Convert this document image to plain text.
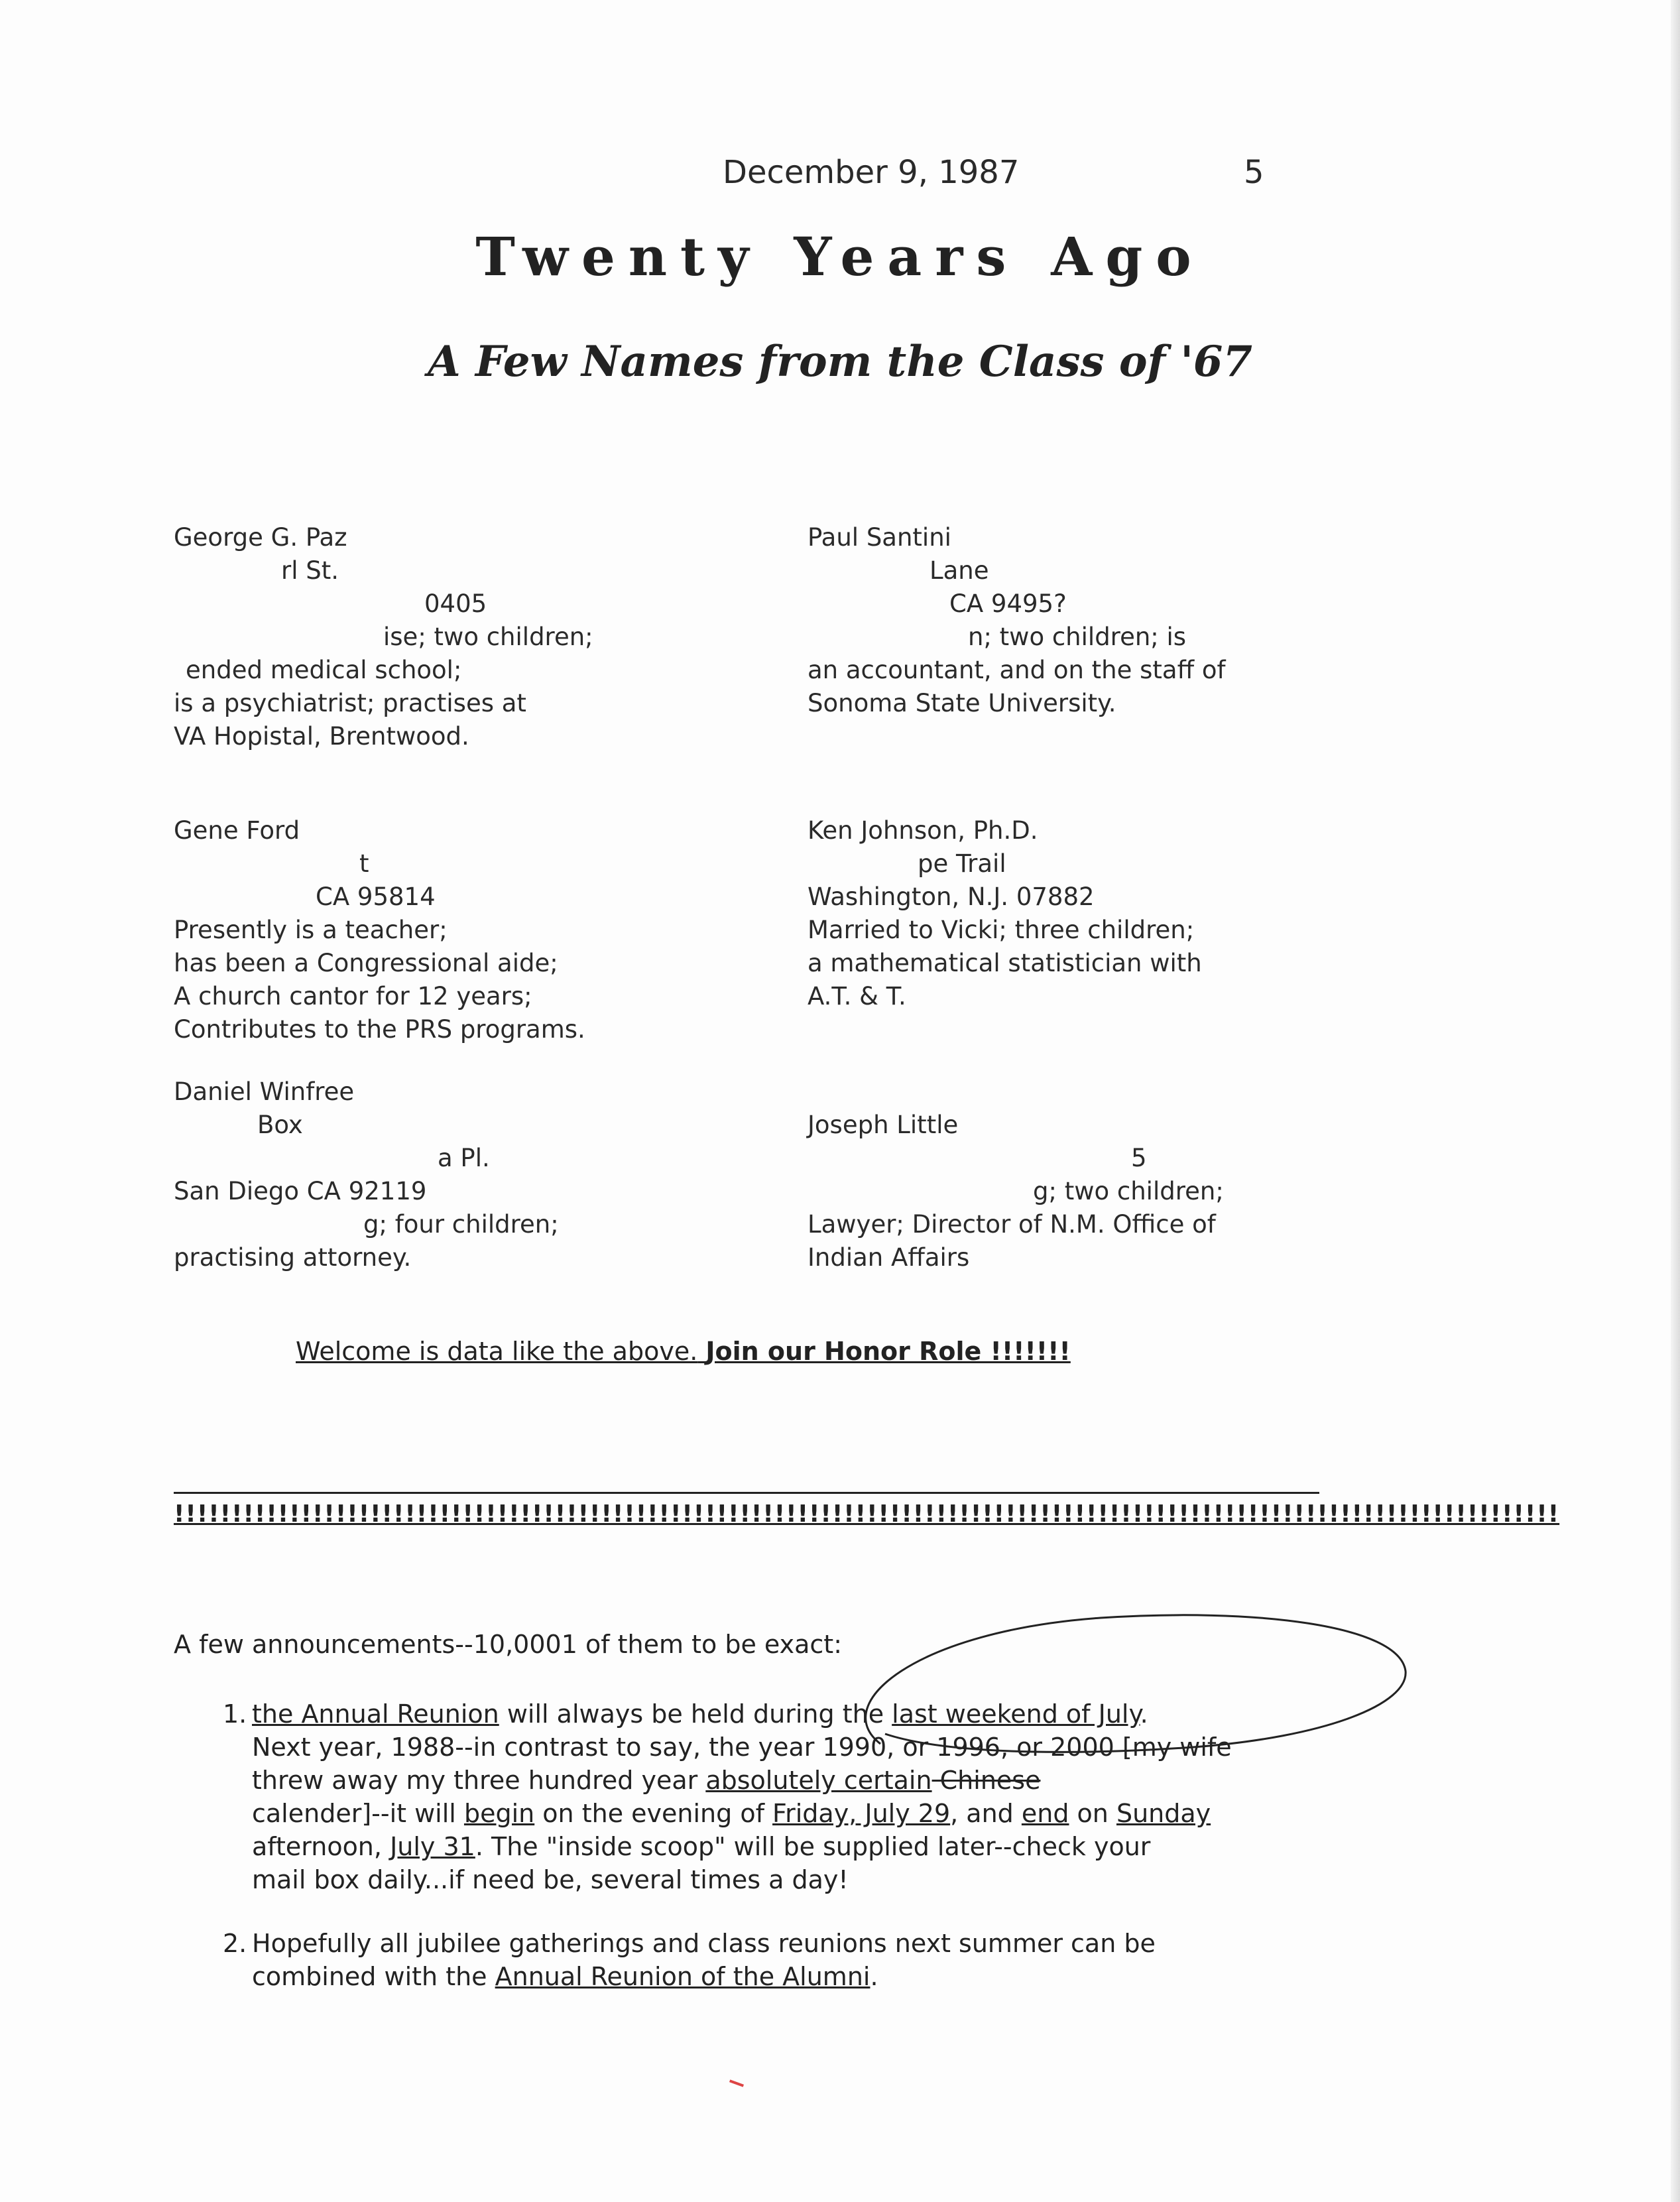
December 9, 1987	5
Twenty Years Ago
A Few Names from the Class of '67
George G. Paz
rl St.
0405
ise; two children;
ended medical school;
is a psychiatrist; practises at
VA Hopistal, Brentwood.
Paul Santini
Lane
CA 9495?
n; two children; is
an accountant, and on the staff of
Sonoma State University.
Gene Ford
t
CA 95814
Presently is a teacher;
has been a Congressional aide;
A church cantor for 12 years;
Contributes to the PRS programs.
Ken Johnson, Ph.D.
pe Trail
Washington, N.J. 07882
Married to Vicki; three children;
a mathematical statistician with
A.T. & T.
Daniel Winfree
Box
a Pl.
San Diego CA 92119
g; four children;
practising attorney.
Joseph Little
5
g; two children;
Lawyer; Director of N.M. Office of
Indian Affairs
Welcome is data like the above. Join our Honor Role !!!!!!!
!!!!!!!!!!!!!!!!!!!!!!!!!!!!!!!!!!!!!!!!!!!!!!!!!!!!!!!!!!!!!!!!!!!!!!!!!!!!!!!!!!!!!!!!!!!!!!!!!!!!!!!!!!!!!!!!!!!!!!!!
A few announcements--10,0001 of them to be exact:
1. the Annual Reunion will always be held during the last weekend of July.
Next year, 1988--in contrast to say, the year 1990, or 1996, or 2000 [my wife
threw away my three hundred year absolutely certain Chinese
calender]--it will begin on the evening of Friday, July 29, and end on Sunday
afternoon, July 31. The "inside scoop" will be supplied later--check your
mail box daily...if need be, several times a day!
2. Hopefully all jubilee gatherings and class reunions next summer can be
combined with the Annual Reunion of the Alumni.
